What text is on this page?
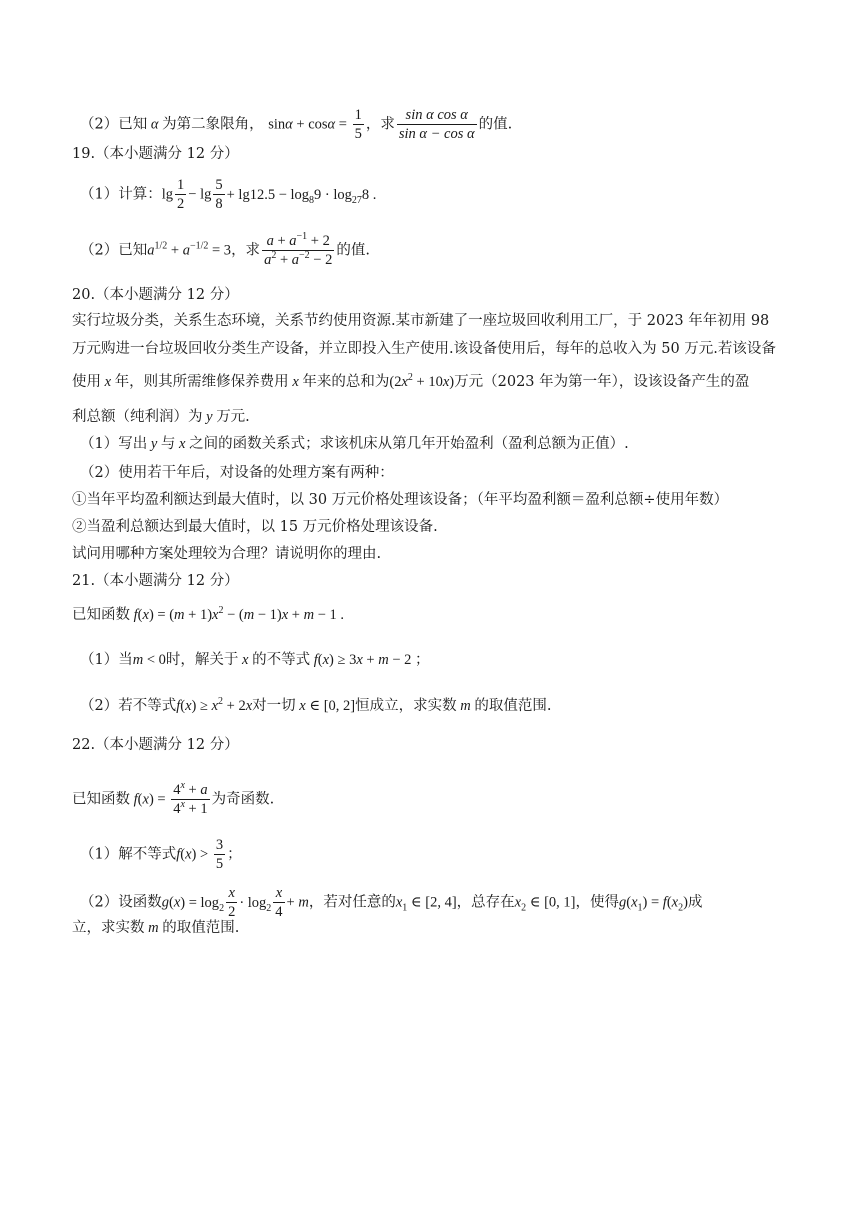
（2）已知 α 为第二象限角， $\sin\alpha + \cos\alpha = \frac{1}{5}$ ，求 $\frac{\text{sin α cos α}}{\text{sin α − cos α}}$ 的值.
19.（本小题满分 12 分）
（1）计算：$\lg \frac{1}{2} - \lg \frac{5}{8} + \lg 12.5 - \log_89 \cdot \log_{27}8$ .
（2）已知$a^{1/2} + a^{-1/2} = 3$，求 $\frac{a + a^{-1} + 2}{a^2 + a^{-2} - 2}$ 的值.
20.（本小题满分 12 分）
实行垃圾分类，关系生态环境，关系节约使用资源.某市新建了一座垃圾回收利用工厂，于 2023 年年初用 98
万元购进一台垃圾回收分类生产设备，并立即投入生产使用.该设备使用后，每年的总收入为 50 万元.若该设备
使用 x 年，则其所需维修保养费用 x 年来的总和为$(2x^2 + 10x)$万元（2023 年为第一年），设该设备产生的盈
利总额（纯利润）为 y 万元.
（1）写出 y 与 x 之间的函数关系式；求该机床从第几年开始盈利（盈利总额为正值）.
（2）使用若干年后，对设备的处理方案有两种：
①当年平均盈利额达到最大值时，以 30 万元价格处理该设备；（年平均盈利额＝盈利总额÷使用年数）
②当盈利总额达到最大值时，以 15 万元价格处理该设备.
试问用哪种方案处理较为合理？请说明你的理由.
21.（本小题满分 12 分）
已知函数 $f(x) = (m + 1)x^2 - (m - 1)x + m - 1$ .
（1）当m < 0时，解关于 x 的不等式 f(x) ≥ 3x + m − 2 ；
（2）若不等式$f(x) \ge x^2 + 2x$对一切 x ∈ [0, 2]恒成立，求实数 m 的取值范围.
22.（本小题满分 12 分）
已知函数 $f(x) = \frac{4^x + a}{4^x + 1}$ 为奇函数.
（1）解不等式$f(x) > \frac{3}{5}$ ；
（2）设函数$g(x) = \log_2 \frac{x}{2} \cdot \log_2 \frac{x}{4} + m$，若对任意的$x_1$ ∈ [2, 4]，总存在$x_2$ ∈ [0, 1]，使得$g(x_1) = f(x_2)$成
立，求实数 m 的取值范围.
